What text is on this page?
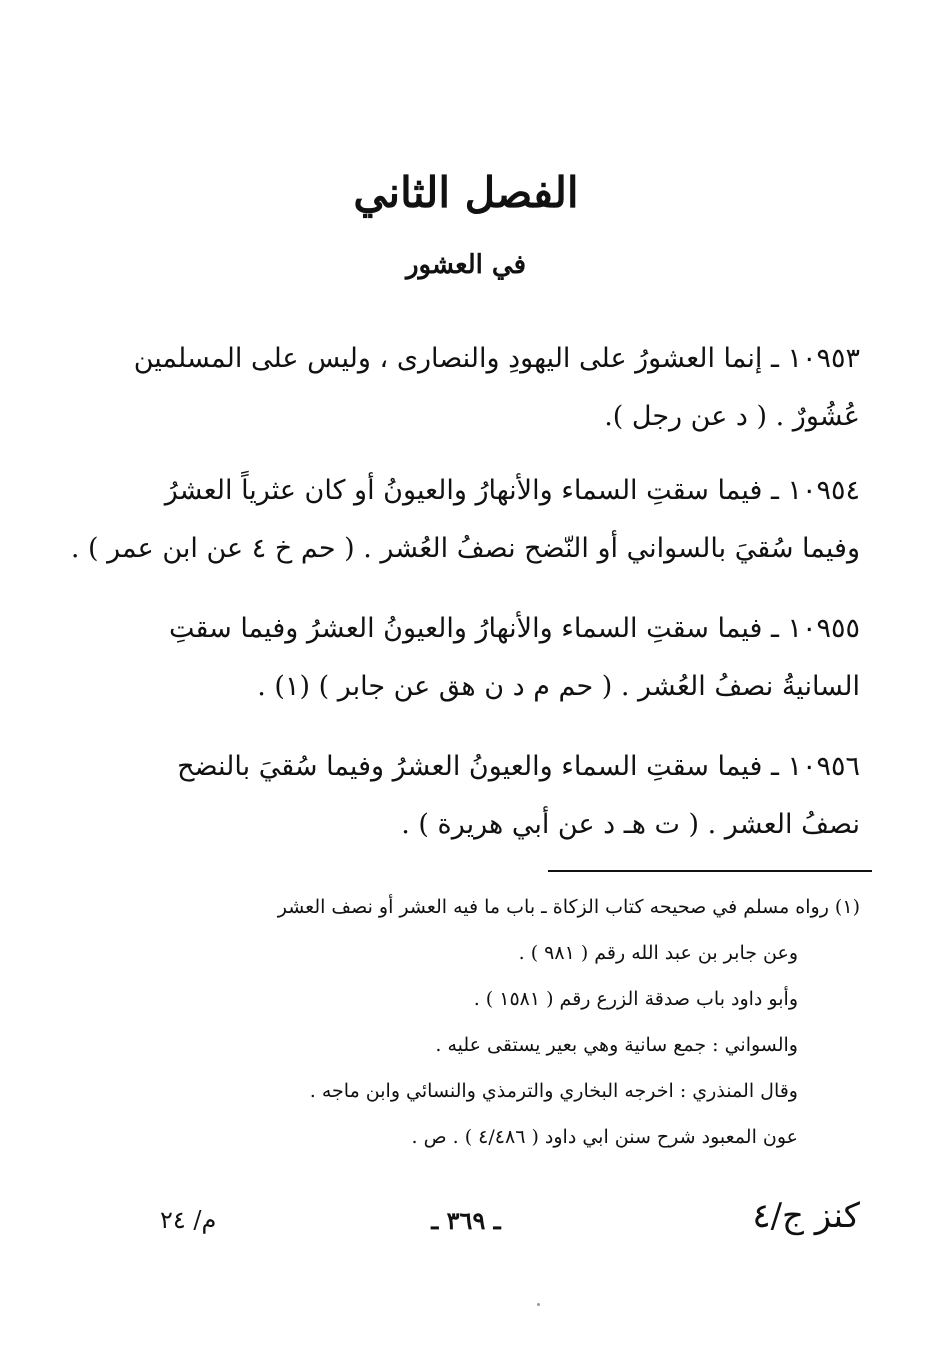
الفصل الثاني
في العشور
١٠٩٥٣ ـ إنما العشورُ على اليهودِ والنصارى ، وليس على المسلمين
عُشُورٌ . ( د عن رجل ).
١٠٩٥٤ ـ فيما سقتِ السماء والأنهارُ والعيونُ أو كان عثرياً العشرُ
وفيما سُقيَ بالسواني أو النّضح نصفُ العُشر . ( حم خ ٤ عن ابن عمر ) .
١٠٩٥٥ ـ فيما سقتِ السماء والأنهارُ والعيونُ العشرُ وفيما سقتِ
السانيةُ نصفُ العُشر . ( حم م د ن هق عن جابر ) (١) .
١٠٩٥٦ ـ فيما سقتِ السماء والعيونُ العشرُ وفيما سُقيَ بالنضح
نصفُ العشر . ( ت هـ د عن أبي هريرة ) .
(١) رواه مسلم في صحيحه كتاب الزكاة ـ باب ما فيه العشر أو نصف العشر
وعن جابر بن عبد الله رقم ( ٩٨١ ) .
وأبو داود باب صدقة الزرع رقم ( ١٥٨١ ) .
والسواني : جمع سانية وهي بعير يستقى عليه .
وقال المنذري : اخرجه البخاري والترمذي والنسائي وابن ماجه .
عون المعبود شرح سنن ابي داود ( ٤/٤٨٦ ) . ص .
م/ ٢٤	ـ ٣٦٩ ـ	كنز ج/٤
